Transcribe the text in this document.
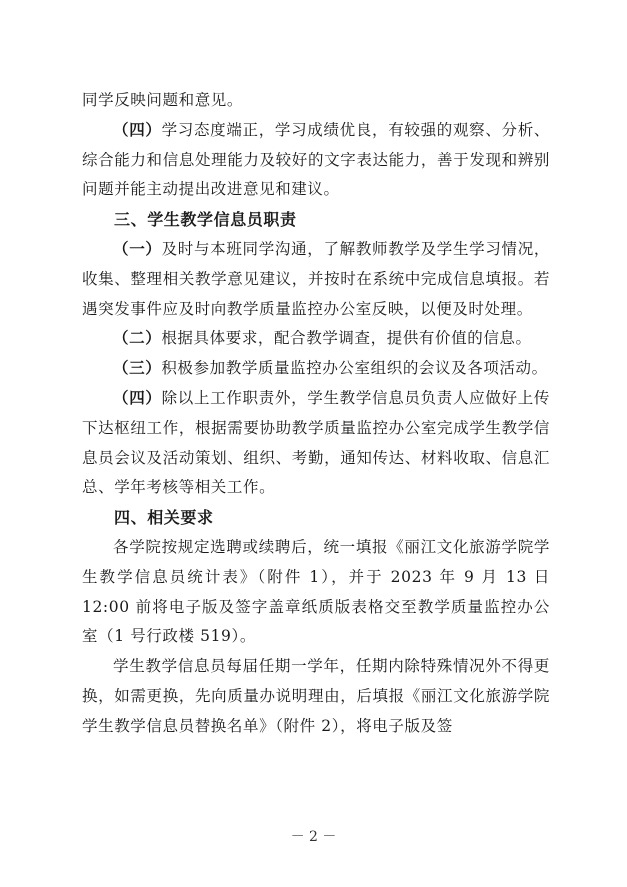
同学反映问题和意见。

（四）学习态度端正，学习成绩优良，有较强的观察、分析、综合能力和信息处理能力及较好的文字表达能力，善于发现和辨别问题并能主动提出改进意见和建议。

三、学生教学信息员职责

（一）及时与本班同学沟通，了解教师教学及学生学习情况，收集、整理相关教学意见建议，并按时在系统中完成信息填报。若遇突发事件应及时向教学质量监控办公室反映，以便及时处理。

（二）根据具体要求，配合教学调查，提供有价值的信息。

（三）积极参加教学质量监控办公室组织的会议及各项活动。

（四）除以上工作职责外，学生教学信息员负责人应做好上传下达枢纽工作，根据需要协助教学质量监控办公室完成学生教学信息员会议及活动策划、组织、考勤，通知传达、材料收取、信息汇总、学年考核等相关工作。

四、相关要求

各学院按规定选聘或续聘后，统一填报《丽江文化旅游学院学生教学信息员统计表》（附件 1），并于 2023 年 9 月 13 日 12:00 前将电子版及签字盖章纸质版表格交至教学质量监控办公室（1 号行政楼 519）。

学生教学信息员每届任期一学年，任期内除特殊情况外不得更换，如需更换，先向质量办说明理由，后填报《丽江文化旅游学院学生教学信息员替换名单》（附件 2），将电子版及签

－ 2 －
